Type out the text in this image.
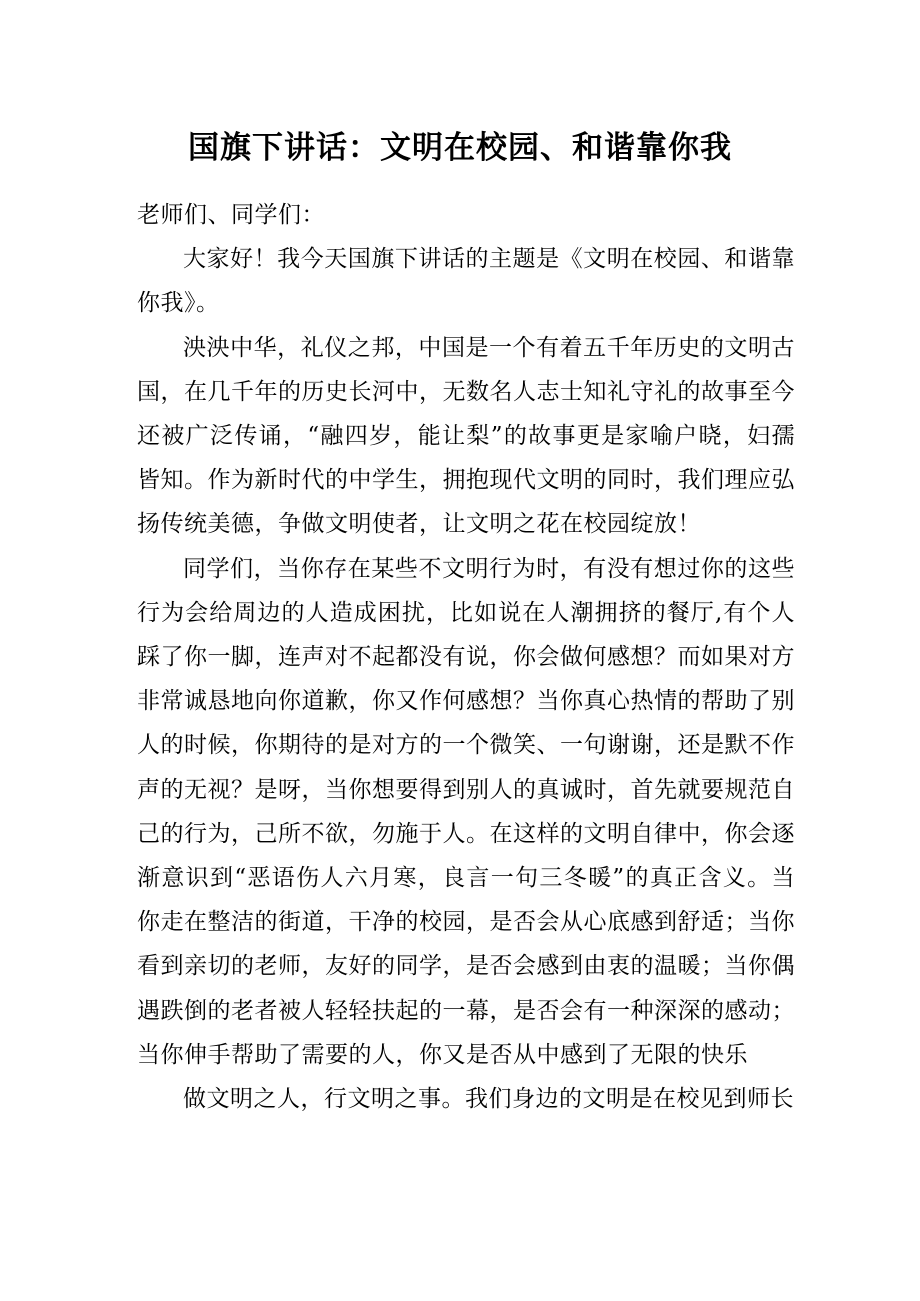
国旗下讲话：文明在校园、和谐靠你我

老师们、同学们：

大家好！我今天国旗下讲话的主题是《文明在校园、和谐靠你我》。

泱泱中华，礼仪之邦，中国是一个有着五千年历史的文明古国，在几千年的历史长河中，无数名人志士知礼守礼的故事至今还被广泛传诵，“融四岁，能让梨”的故事更是家喻户晓，妇孺皆知。作为新时代的中学生，拥抱现代文明的同时，我们理应弘扬传统美德，争做文明使者，让文明之花在校园绽放！

同学们，当你存在某些不文明行为时，有没有想过你的这些行为会给周边的人造成困扰，比如说在人潮拥挤的餐厅,有个人踩了你一脚，连声对不起都没有说，你会做何感想？而如果对方非常诚恳地向你道歉，你又作何感想？当你真心热情的帮助了别人的时候，你期待的是对方的一个微笑、一句谢谢，还是默不作声的无视？是呀，当你想要得到别人的真诚时，首先就要规范自己的行为，己所不欲，勿施于人。在这样的文明自律中，你会逐渐意识到“恶语伤人六月寒，良言一句三冬暖”的真正含义。当你走在整洁的街道，干净的校园，是否会从心底感到舒适；当你看到亲切的老师，友好的同学，是否会感到由衷的温暖；当你偶遇跌倒的老者被人轻轻扶起的一幕，是否会有一种深深的感动；当你伸手帮助了需要的人，你又是否从中感到了无限的快乐

做文明之人，行文明之事。我们身边的文明是在校见到师长
